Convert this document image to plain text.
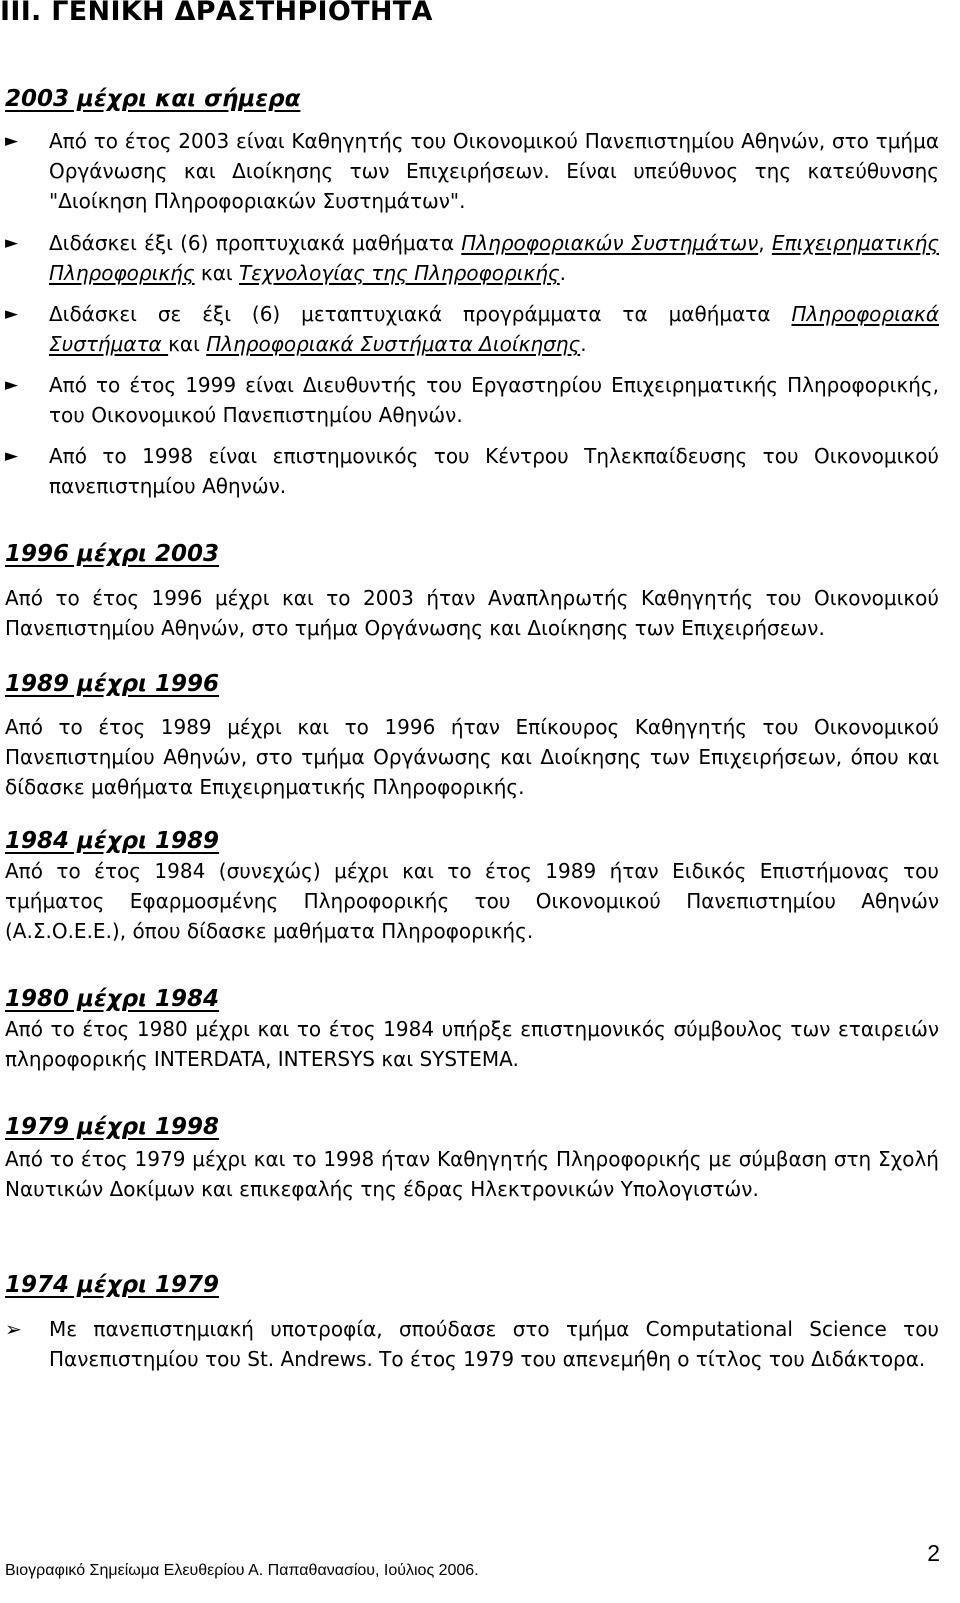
III. ΓΕΝΙΚΗ ΔΡΑΣΤΗΡΙΟΤΗΤΑ
2003 μέχρι και σήμερα
► Από το έτος 2003 είναι Καθηγητής του Οικονομικού Πανεπιστημίου Αθηνών, στο τμήμα Οργάνωσης και Διοίκησης των Επιχειρήσεων. Είναι υπεύθυνος της κατεύθυνσης "Διοίκηση Πληροφοριακών Συστημάτων".
► Διδάσκει έξι (6) προπτυχιακά μαθήματα Πληροφοριακών Συστημάτων, Επιχειρηματικής Πληροφορικής και Τεχνολογίας της Πληροφορικής.
► Διδάσκει σε έξι (6) μεταπτυχιακά προγράμματα τα μαθήματα Πληροφοριακά Συστήματα και Πληροφοριακά Συστήματα Διοίκησης.
► Από το έτος 1999 είναι Διευθυντής του Εργαστηρίου Επιχειρηματικής Πληροφορικής, του Οικονομικού Πανεπιστημίου Αθηνών.
► Από το 1998 είναι επιστημονικός του Κέντρου Τηλεκπαίδευσης του Οικονομικού πανεπιστημίου Αθηνών.
1996 μέχρι 2003

Από το έτος 1996 μέχρι και το 2003 ήταν Αναπληρωτής Καθηγητής του Οικονομικού Πανεπιστημίου Αθηνών, στο τμήμα Οργάνωσης και Διοίκησης των Επιχειρήσεων.

1989 μέχρι 1996

Από το έτος 1989 μέχρι και το 1996 ήταν Επίκουρος Καθηγητής του Οικονομικού Πανεπιστημίου Αθηνών, στο τμήμα Οργάνωσης και Διοίκησης των Επιχειρήσεων, όπου και δίδασκε μαθήματα Επιχειρηματικής Πληροφορικής.

1984 μέχρι 1989

Από το έτος 1984 (συνεχώς) μέχρι και το έτος 1989 ήταν Ειδικός Επιστήμονας του τμήματος Εφαρμοσμένης Πληροφορικής του Οικονομικού Πανεπιστημίου Αθηνών (Α.Σ.Ο.Ε.Ε.), όπου δίδασκε μαθήματα Πληροφορικής.

1980 μέχρι 1984

Από το έτος 1980 μέχρι και το έτος 1984 υπήρξε επιστημονικός σύμβουλος των εταιρειών πληροφορικής INTERDATA, INTERSYS και SYSTEMA.

1979 μέχρι 1998

Από το έτος 1979 μέχρι και το 1998 ήταν Καθηγητής Πληροφορικής με σύμβαση στη Σχολή Ναυτικών Δοκίμων και επικεφαλής της έδρας Ηλεκτρονικών Υπολογιστών.

1974 μέχρι 1979
➢ Με πανεπιστημιακή υποτροφία, σπούδασε στο τμήμα Computational Science του Πανεπιστημίου του St. Andrews. Το έτος 1979 του απενεμήθη ο τίτλος του Διδάκτορα.
Βιογραφικό Σημείωμα Ελευθερίου Α. Παπαθανασίου, Ιούλιος 2006.
2
